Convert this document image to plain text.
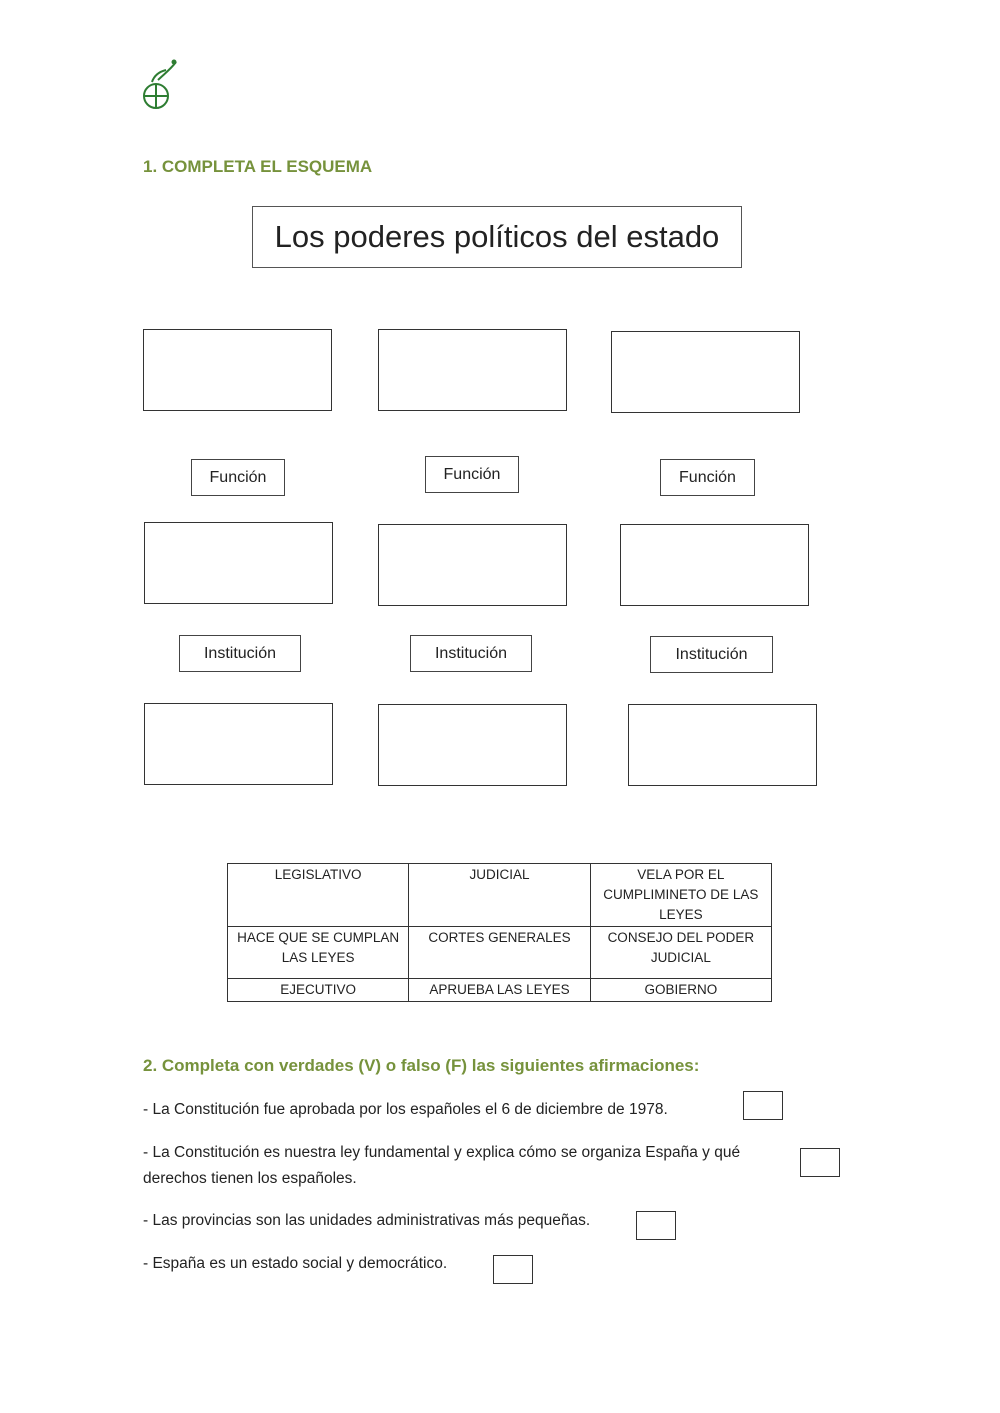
1. COMPLETA EL ESQUEMA
Los poderes políticos del estado
Función	Función	Función
Institución	Institución	Institución
LEGISLATIVO	JUDICIAL	VELA POR EL CUMPLIMINETO DE LAS LEYES
HACE QUE SE CUMPLAN LAS LEYES	CORTES GENERALES	CONSEJO DEL PODER JUDICIAL
EJECUTIVO	APRUEBA LAS LEYES	GOBIERNO
2. Completa con verdades (V) o falso (F) las siguientes afirmaciones:
- La Constitución fue aprobada por los españoles el 6 de diciembre de 1978.
- La Constitución es nuestra ley fundamental y explica cómo se organiza España y qué derechos tienen los españoles.
- Las provincias son las unidades administrativas más pequeñas.
- España es un estado social y democrático.
